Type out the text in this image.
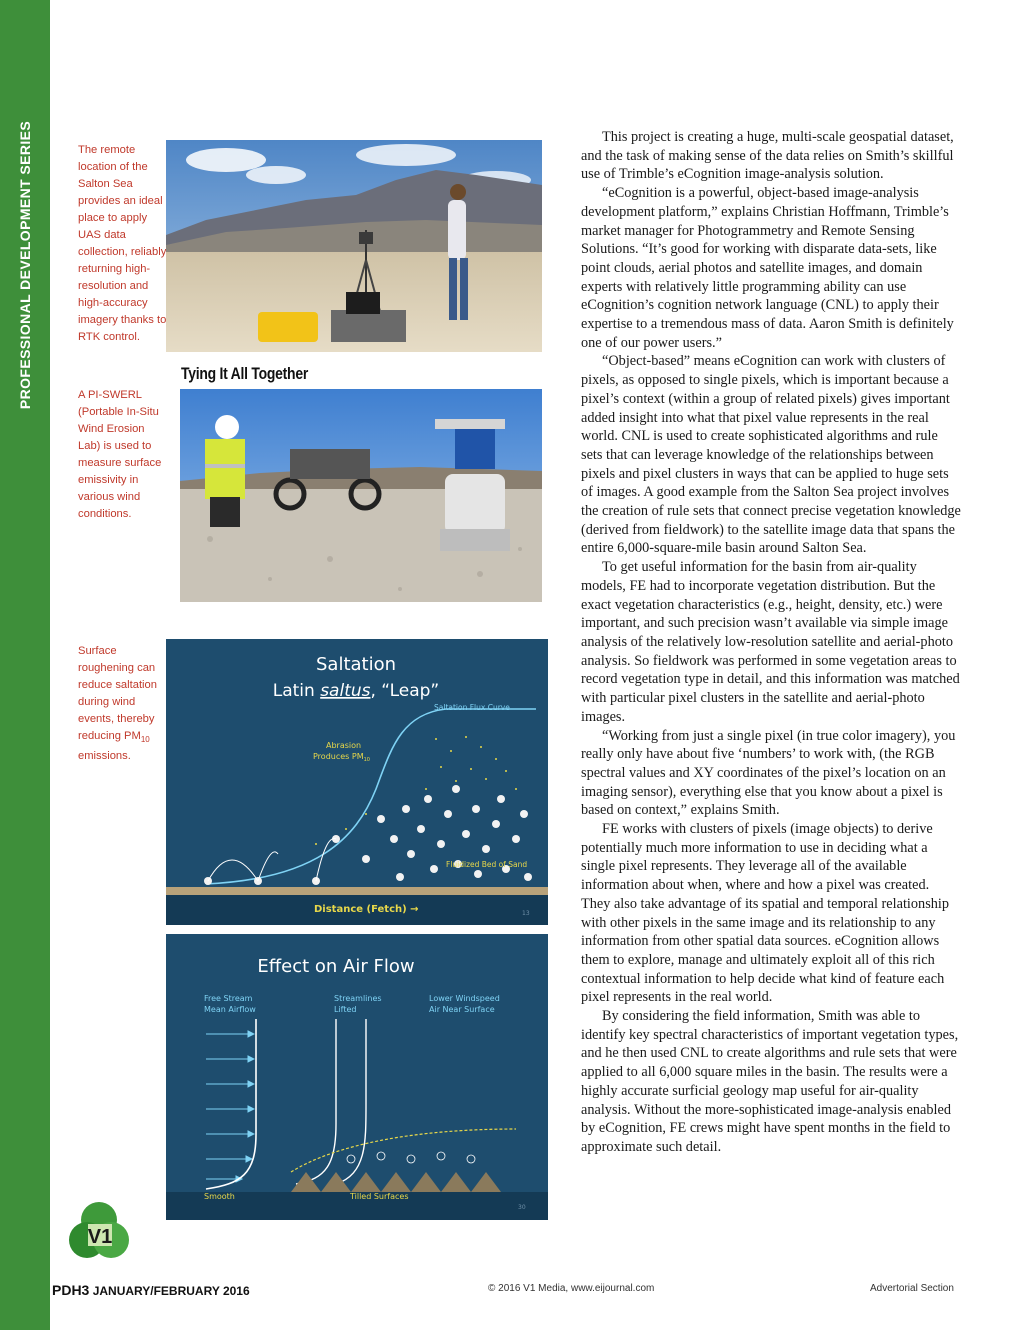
PROFESSIONAL DEVELOPMENT SERIES	The remote location of the Salton Sea provides an ideal place to apply UAS data collection, reliably returning high-resolution and high-accuracy imagery thanks to RTK control.
A PI-SWERL (Portable In-Situ Wind Erosion Lab) is used to measure surface emissivity in various wind conditions.
Surface roughening can reduce saltation during wind events, thereby reducing $PM_{10}$ emissions.
Tying It All Together
Saltation
Latin saltus, “Leap”
Saltation Flux Curve
Abrasion
Produces $PM_{10}$
Fluidized Bed of Sand
Distance (Fetch) →	13
Effect on Air Flow
Free Stream
Mean Airflow
Streamlines
Lifted
Lower Windspeed
Air Near Surface
Smooth	Tilled Surfaces
30

This project is creating a huge, multi-scale geospatial dataset, and the task of making sense of the data relies on Smith’s skillful use of Trimble’s eCognition image-analysis solution.

“eCognition is a powerful, object-based image-analysis development platform,” explains Christian Hoffmann, Trimble’s market manager for Photogrammetry and Remote Sensing Solutions. “It’s good for working with disparate data-sets, like point clouds, aerial photos and satellite images, and domain experts with relatively little programming ability can use eCognition’s cognition network language (CNL) to apply their expertise to a tremendous mass of data. Aaron Smith is definitely one of our power users.”

“Object-based” means eCognition can work with clusters of pixels, as opposed to single pixels, which is important because a pixel’s context (within a group of related pixels) gives important added insight into what that pixel value represents in the real world. CNL is used to create sophisticated algorithms and rule sets that can leverage knowledge of the relationships between pixels and pixel clusters in ways that can be applied to huge sets of images. A good example from the Salton Sea project involves the creation of rule sets that connect precise vegetation knowledge (derived from fieldwork) to the satellite image data that spans the entire 6,000-square-mile basin around Salton Sea.

To get useful information for the basin from air-quality models, FE had to incorporate vegetation distribution. But the exact vegetation characteristics (e.g., height, density, etc.) were important, and such precision wasn’t available via simple image analysis of the relatively low-resolution satellite and aerial-photo analysis. So fieldwork was performed in some vegetation areas to record vegetation type in detail, and this information was matched with particular pixel clusters in the satellite and aerial-photo images.

“Working from just a single pixel (in true color imagery), you really only have about five ‘numbers’ to work with, (the RGB spectral values and XY coordinates of the pixel’s location on an imaging sensor), everything else that you know about a pixel is based on context,” explains Smith.

FE works with clusters of pixels (image objects) to derive potentially much more information to use in deciding what a single pixel represents. They leverage all of the available information about when, where and how a pixel was created. They also take advantage of its spatial and temporal relationship with other pixels in the same image and its relationship to any information from other spatial data sources. eCognition allows them to explore, manage and ultimately exploit all of this rich contextual information to help decide what kind of feature each pixel represents in the real world.

By considering the field information, Smith was able to identify key spectral characteristics of important vegetation types, and he then used CNL to create algorithms and rule sets that were applied to all 6,000 square miles in the basin. The results were a highly accurate surficial geology map useful for air-quality analysis. Without the more-sophisticated image-analysis enabled by eCognition, FE crews might have spent months in the field to approximate such detail.

V1
PDH3 JANUARY/FEBRUARY 2016	© 2016 V1 Media, www.eijournal.com	Advertorial Section
